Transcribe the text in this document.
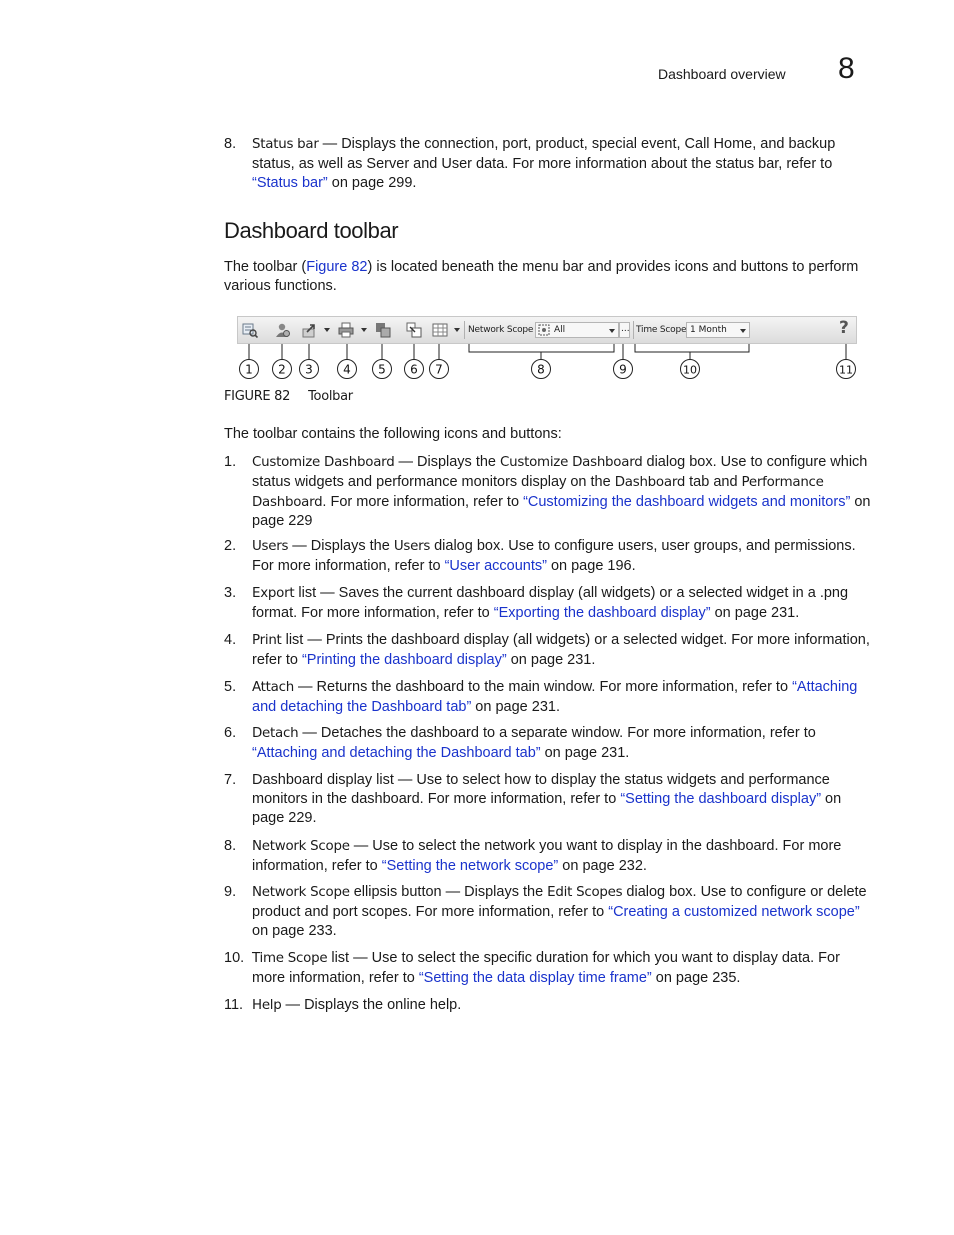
Dashboard overview 8
8. Status bar — Displays the connection, port, product, special event, Call Home, and backup status, as well as Server and User data. For more information about the status bar, refer to “Status bar” on page 299.
Dashboard toolbar
The toolbar (Figure 82) is located beneath the menu bar and provides icons and buttons to perform various functions.
Network Scope All	... Time Scope 1 Month	?
1 2 3	4 5 6 7	8	9	10	11
FIGURE 82 Toolbar
The toolbar contains the following icons and buttons:
1. Customize Dashboard — Displays the Customize Dashboard dialog box. Use to configure which status widgets and performance monitors display on the Dashboard tab and Performance Dashboard. For more information, refer to “Customizing the dashboard widgets and monitors” on page 229
2. Users — Displays the Users dialog box. Use to configure users, user groups, and permissions. For more information, refer to “User accounts” on page 196.
3. Export list — Saves the current dashboard display (all widgets) or a selected widget in a .png format. For more information, refer to “Exporting the dashboard display” on page 231.
4. Print list — Prints the dashboard display (all widgets) or a selected widget. For more information, refer to “Printing the dashboard display” on page 231.
5. Attach — Returns the dashboard to the main window. For more information, refer to “Attaching and detaching the Dashboard tab” on page 231.
6. Detach — Detaches the dashboard to a separate window. For more information, refer to “Attaching and detaching the Dashboard tab” on page 231.
7. Dashboard display list — Use to select how to display the status widgets and performance monitors in the dashboard. For more information, refer to “Setting the dashboard display” on page 229.
8. Network Scope — Use to select the network you want to display in the dashboard. For more information, refer to “Setting the network scope” on page 232.
9. Network Scope ellipsis button — Displays the Edit Scopes dialog box. Use to configure or delete product and port scopes. For more information, refer to “Creating a customized network scope” on page 233.
10. Time Scope list — Use to select the specific duration for which you want to display data. For more information, refer to “Setting the data display time frame” on page 235.
11. Help — Displays the online help.
